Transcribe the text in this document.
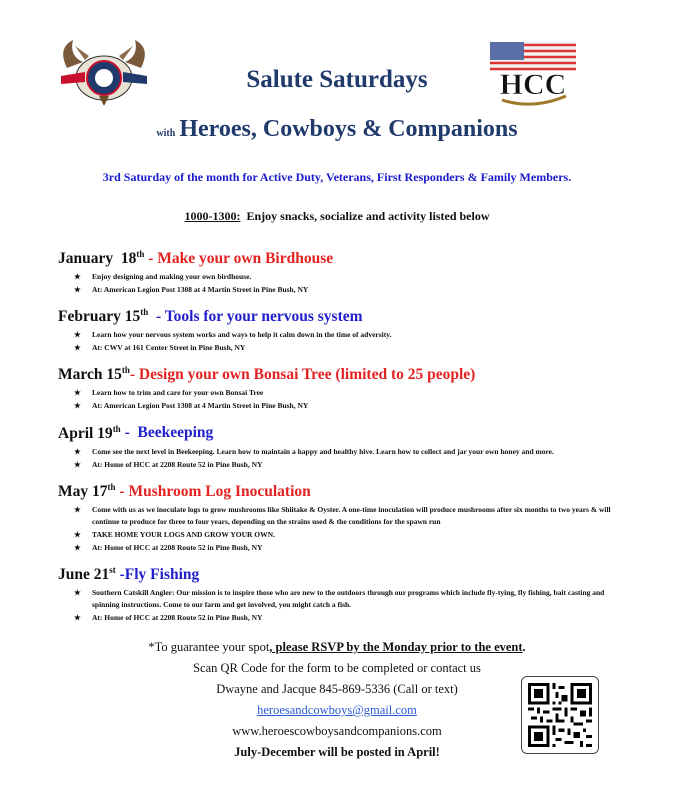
HCC
Salute Saturdays
with Heroes, Cowboys & Companions
3rd Saturday of the month for Active Duty, Veterans, First Responders & Family Members.
1000-1300:  Enjoy snacks, socialize and activity listed below
January  18th - Make your own Birdhouse
★ Enjoy designing and making your own birdhouse.
★ At: American Legion Post 1308 at 4 Martin Street in Pine Bush, NY
February 15th  - Tools for your nervous system
★ Learn how your nervous system works and ways to help it calm down in the time of adversity.
★ At: CWV at 161 Center Street in Pine Bush, NY
March 15th- Design your own Bonsai Tree (limited to 25 people)
★ Learn how to trim and care for your own Bonsai Tree
★ At: American Legion Post 1308 at 4 Martin Street in Pine Bush, NY
April 19th -  Beekeeping
★ Come see the next level in Beekeeping. Learn how to maintain a happy and healthy hive. Learn how to collect and jar your own honey and more.
★ At: Home of HCC at 2208 Route 52 in Pine Bush, NY
May 17th - Mushroom Log Inoculation
★ Come with us as we inoculate logs to grow mushrooms like Shiitake & Oyster. A one-time inoculation will produce mushrooms after six months to two years & will continue to produce for three to four years, depending on the strains used & the conditions for the spawn run
★ TAKE HOME YOUR LOGS AND GROW YOUR OWN.
★ At: Home of HCC at 2208 Route 52 in Pine Bush, NY
June 21st -Fly Fishing
★ Southern Catskill Angler: Our mission is to inspire those who are new to the outdoors through our programs which include fly-tying, fly fishing, bait casting and spinning instructions. Come to our farm and get involved, you might catch a fish.
★ At: Home of HCC at 2208 Route 52 in Pine Bush, NY
*To guarantee your spot, please RSVP by the Monday prior to the event.
Scan QR Code for the form to be completed or contact us
Dwayne and Jacque 845-869-5336 (Call or text)
heroesandcowboys@gmail.com
www.heroescowboysandcompanions.com
July-December will be posted in April!
